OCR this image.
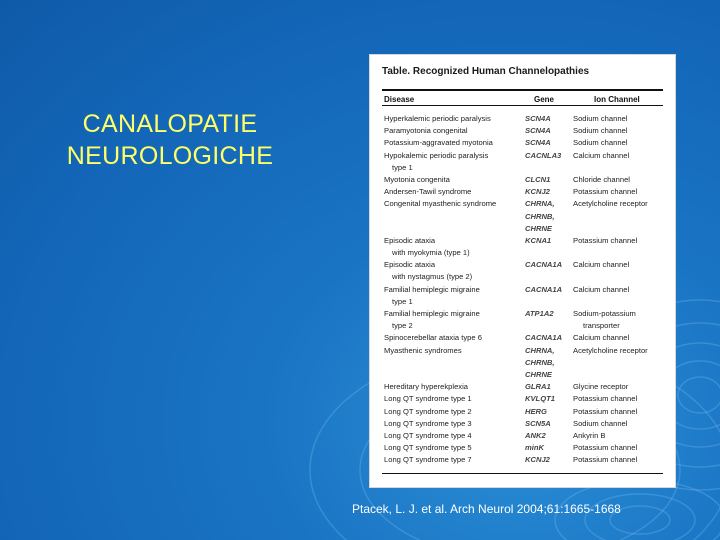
CANALOPATIE
NEUROLOGICHE
Table. Recognized Human Channelopathies
Disease	Gene	Ion Channel
Hyperkalemic periodic paralysis	SCN4A	Sodium channel
Paramyotonia congenital	SCN4A	Sodium channel
Potassium-aggravated myotonia	SCN4A	Sodium channel
Hypokalemic periodic paralysis	CACNLA3 Calcium channel
type 1
Myotonia congenita	CLCN1	Chloride channel
Andersen-Tawil syndrome	KCNJ2	Potassium channel
Congenital myasthenic syndrome	CHRNA, Acetylcholine receptor
CHRNB,
CHRNE
Episodic ataxia	KCNA1	Potassium channel
with myokymia (type 1)
Episodic ataxia	CACNA1A Calcium channel
with nystagmus (type 2)
Familial hemiplegic migraine	CACNA1A Calcium channel
type 1
Familial hemiplegic migraine	ATP1A2	Sodium-potassium
type 2	transporter
Spinocerebellar ataxia type 6	CACNA1A Calcium channel
Myasthenic syndromes	CHRNA, Acetylcholine receptor
CHRNB,
CHRNE
Hereditary hyperekplexia	GLRA1	Glycine receptor
Long QT syndrome type 1	KVLQT1 Potassium channel
Long QT syndrome type 2	HERG	Potassium channel
Long QT syndrome type 3	SCN5A	Sodium channel
Long QT syndrome type 4	ANK2	Ankyrin B
Long QT syndrome type 5	minK	Potassium channel
Long QT syndrome type 7	KCNJ2	Potassium channel
Ptacek, L. J. et al. Arch Neurol 2004;61:1665-1668
